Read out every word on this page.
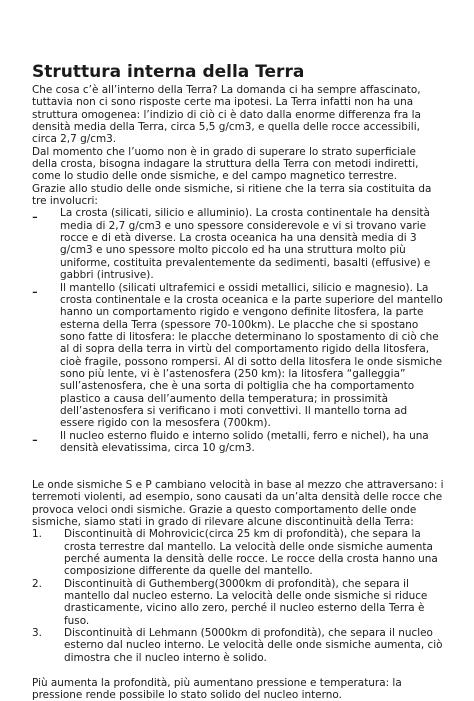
Struttura interna della Terra

Che cosa c’è all’interno della Terra? La domanda ci ha sempre affascinato, tuttavia non ci sono risposte certe ma ipotesi. La Terra infatti non ha una struttura omogenea: l’indizio di ciò ci è dato dalla enorme differenza fra la densità media della Terra, circa 5,5 g/cm3, e quella delle rocce accessibili, circa 2,7 g/cm3.

Dal momento che l’uomo non è in grado di superare lo strato superficiale della crosta, bisogna indagare la struttura della Terra con metodi indiretti, come lo studio delle onde sismiche, e del campo magnetico terrestre.

Grazie allo studio delle onde sismiche, si ritiene che la terra sia costituita da tre involucri:

-	La crosta (silicati, silicio e alluminio). La crosta continentale ha densità media di 2,7 g/cm3 e uno spessore considerevole e vi si trovano varie rocce e di età diverse. La crosta oceanica ha una densità media di 3 g/cm3 e uno spessore molto piccolo ed ha una struttura molto più uniforme, costituita prevalentemente da sedimenti, basalti (effusive) e gabbri (intrusive).
-	Il mantello (silicati ultrafemici e ossidi metallici, silicio e magnesio). La crosta continentale e la crosta oceanica e la parte superiore del mantello hanno un comportamento rigido e vengono definite litosfera, la parte esterna della Terra (spessore 70-100km). Le placche che si spostano sono fatte di litosfera: le placche determinano lo spostamento di ciò che al di sopra della terra in virtù del comportamento rigido della litosfera, cioè fragile, possono rompersi. Al di sotto della litosfera le onde sismiche sono più lente, vi è l’astenosfera (250 km): la litosfera “galleggia” sull’astenosfera, che è una sorta di poltiglia che ha comportamento plastico a causa dell’aumento della temperatura; in prossimità dell’astenosfera si verificano i moti convettivi. Il mantello torna ad essere rigido con la mesosfera (700km).
-	Il nucleo esterno fluido e interno solido (metalli, ferro e nichel), ha una densità elevatissima, circa 10 g/cm3.

Le onde sismiche S e P cambiano velocità in base al mezzo che attraversano: i terremoti violenti, ad esempio, sono causati da un’alta densità delle rocce che provoca veloci ondi sismiche. Grazie a questo comportamento delle onde sismiche, siamo stati in grado di rilevare alcune discontinuità della Terra:

1.	Discontinuità di Mohrovicic(circa 25 km di profondità), che separa la crosta terrestre dal mantello. La velocità delle onde sismiche aumenta perché aumenta la densità delle rocce. Le rocce della crosta hanno una composizione differente da quelle del mantello.
2.	Discontinuità di Guthemberg(3000km di profondità), che separa il mantello dal nucleo esterno. La velocità delle onde sismiche si riduce drasticamente, vicino allo zero, perché il nucleo esterno della Terra è fuso.
3.	Discontinuità di Lehmann (5000km di profondità), che separa il nucleo esterno dal nucleo interno. Le velocità delle onde sismiche aumenta, ciò dimostra che il nucleo interno è solido.

Più aumenta la profondità, più aumentano pressione e temperatura: la pressione rende possibile lo stato solido del nucleo interno.
